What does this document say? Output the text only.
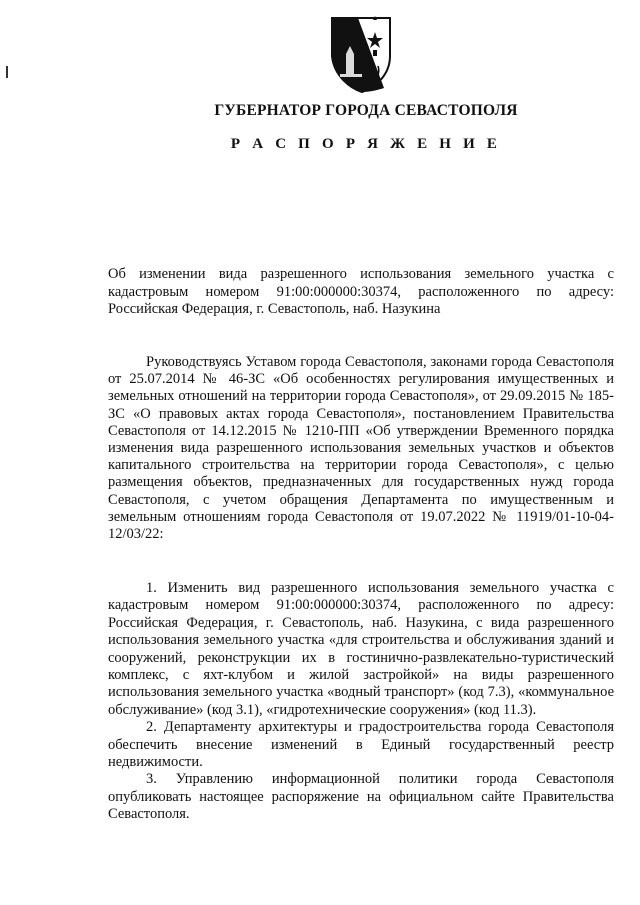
ГУБЕРНАТОР ГОРОДА СЕВАСТОПОЛЯ
Р А С П О Р Я Ж Е Н И Е

Об изменении вида разрешенного использования земельного участка с кадастровым номером 91:00:000000:30374, расположенного по адресу: Российская Федерация, г. Севастополь, наб. Назукина

Руководствуясь Уставом города Севастополя, законами города Севастополя от 25.07.2014 № 46-ЗС «Об особенностях регулирования имущественных и земельных отношений на территории города Севастополя», от 29.09.2015 № 185-ЗС «О правовых актах города Севастополя», постановлением Правительства Севастополя от 14.12.2015 № 1210-ПП «Об утверждении Временного порядка изменения вида разрешенного использования земельных участков и объектов капитального строительства на территории города Севастополя», с целью размещения объектов, предназначенных для государственных нужд города Севастополя, с учетом обращения Департамента по имущественным и земельным отношениям города Севастополя от 19.07.2022 № 11919/01-10-04-12/03/22:

1. Изменить вид разрешенного использования земельного участка с кадастровым номером 91:00:000000:30374, расположенного по адресу: Российская Федерация, г. Севастополь, наб. Назукина, с вида разрешенного использования земельного участка «для строительства и обслуживания зданий и сооружений, реконструкции их в гостинично-развлекательно-туристический комплекс, с яхт-клубом и жилой застройкой» на виды разрешенного использования земельного участка «водный транспорт» (код 7.3), «коммунальное обслуживание» (код 3.1), «гидротехнические сооружения» (код 11.3).

2. Департаменту архитектуры и градостроительства города Севастополя обеспечить внесение изменений в Единый государственный реестр недвижимости.

3. Управлению информационной политики города Севастополя опубликовать настоящее распоряжение на официальном сайте Правительства Севастополя.
